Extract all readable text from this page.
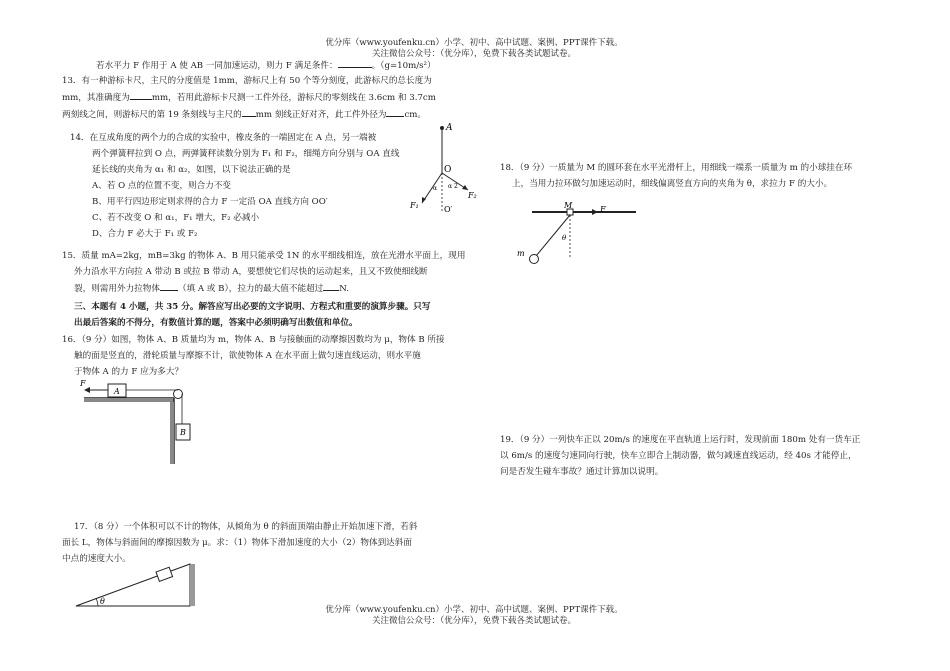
优分库（www.youfenku.cn）小学、初中、高中试题、案例、PPT课件下载。
关注微信公众号：（优分库），免费下载各类试题试卷。
若水平力 F 作用于 A 使 AB 一同加速运动，则力 F 满足条件：	。（g=10m/s²）
13．有一种游标卡尺，主尺的分度值是 1mm，游标尺上有 50 个等分刻度，此游标尺的总长度为
mm，其准确度为	mm，若用此游标卡尺测一工件外径，游标尺的零刻线在 3.6cm 和 3.7cm
两刻线之间，则游标尺的第 19 条刻线与主尺的 mm 刻线正好对齐，此工件外径为 cm。
14．在互成角度的两个力的合成的实验中，橡皮条的一端固定在 A 点，另一端被
两个弹簧秤拉到 O 点，两弹簧秤读数分别为 F₁ 和 F₂，细绳方向分别与 OA 直线
延长线的夹角为 α₁ 和 α₂，如图，以下说法正确的是
A、若 O 点的位置不变，则合力不变
B、用平行四边形定则求得的合力 F 一定沿 OA 直线方向 OO′
C、若不改变 O 和 α₁，F₁ 增大，F₂ 必减小
D、合力 F 必大于 F₁ 或 F₂
A
O
O′
F₁
F₂
α α 2
15．质量 mA=2kg，mB=3kg 的物体 A、B 用只能承受 1N 的水平细线相连，放在光滑水平面上，现用
外力沿水平方向拉 A 带动 B 或拉 B 带动 A，要想使它们尽快的运动起来，且又不致使细线断
裂，则需用外力拉物体 （填 A 或 B），拉力的最大值不能超过 N.
三、本题有 4 小题，共 35 分。解答应写出必要的文字说明、方程式和重要的演算步骤。只写
出最后答案的不得分，有数值计算的题，答案中必须明确写出数值和单位。
16．（9 分）如图，物体 A、B 质量均为 m，物体 A、B 与接触面的动摩擦因数均为 μ，物体 B 所接
触的面是竖直的，滑轮质量与摩擦不计，欲使物体 A 在水平面上做匀速直线运动，则水平施
于物体 A 的力 F 应为多大？
A
B
F
17．（8 分）一个体积可以不计的物体，从倾角为 θ 的斜面顶端由静止开始加速下滑，若斜
面长 L，物体与斜面间的摩擦因数为 μ。求：（1）物体下滑加速度的大小（2）物体到达斜面
中点的速度大小。
θ
18．（9 分）一质量为 M 的圆环套在水平光滑杆上，用细线一端系一质量为 m 的小球挂在环
上，当用力拉环做匀加速运动时，细线偏离竖直方向的夹角为 θ，求拉力 F 的大小。
M	F
θ
m
19．（9 分）一列快车正以 20m/s 的速度在平直轨道上运行时，发现前面 180m 处有一货车正
以 6m/s 的速度匀速同向行驶，快车立即合上制动器，做匀减速直线运动，经 40s 才能停止，
问是否发生碰车事故？通过计算加以说明。
优分库（www.youfenku.cn）小学、初中、高中试题、案例、PPT课件下载。
关注微信公众号：（优分库），免费下载各类试题试卷。
